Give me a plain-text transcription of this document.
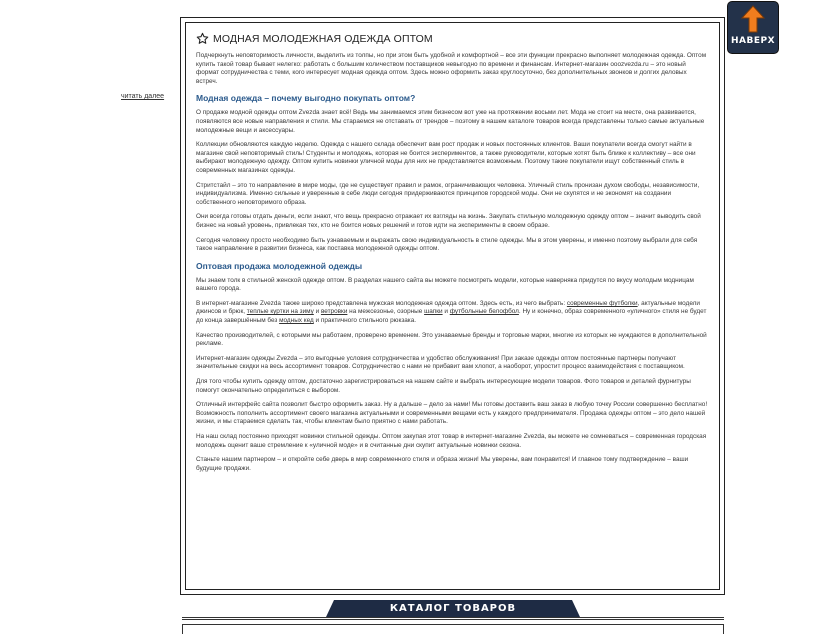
читать далее
МОДНАЯ МОЛОДЕЖНАЯ ОДЕЖДА ОПТОМ

Подчеркнуть неповторимость личности, выделить из толпы, но при этом быть удобной и комфортной – все эти функции прекрасно выполняет молодежная одежда. Оптом купить такой товар бывает нелегко: работать с большим количеством поставщиков невыгодно по времени и финансам. Интернет-магазин ooozvezda.ru – это новый формат сотрудничества с теми, кого интересует модная одежда оптом. Здесь можно оформить заказ круглосуточно, без дополнительных звонков и долгих деловых встреч.

Модная одежда – почему выгодно покупать оптом?

О продаже модной одежды оптом Zvezda знает всё! Ведь мы занимаемся этим бизнесом вот уже на протяжении восьми лет. Мода не стоит на месте, она развивается, появляются все новые направления и стили. Мы стараемся не отставать от трендов – поэтому в нашем каталоге товаров всегда представлены только самые актуальные молодежные вещи и аксессуары.

Коллекции обновляются каждую неделю. Одежда с нашего склада обеспечит вам рост продаж и новых постоянных клиентов. Ваши покупатели всегда смогут найти в магазине свой неповторимый стиль! Студенты и молодежь, которая не боится экспериментов, а также руководители, которые хотят быть ближе к коллективу – все они выбирают молодежную одежду. Оптом купить новинки уличной моды для них не представляется возможным. Поэтому такие покупатели ищут собственный стиль в современных магазинах одежды.

Стритстайл – это то направление в мире моды, где не существует правил и рамок, ограничивающих человека. Уличный стиль пронизан духом свободы, независимости, индивидуализма. Именно сильные и уверенные в себе люди сегодня придерживаются принципов городской моды. Они не скупятся и не экономят на создании собственного неповторимого образа.

Они всегда готовы отдать деньги, если знают, что вещь прекрасно отражает их взгляды на жизнь. Закупать стильную молодежную одежду оптом – значит выводить свой бизнес на новый уровень, привлекая тех, кто не боится новых решений и готов идти на эксперименты в своем образе.

Сегодня человеку просто необходимо быть узнаваемым и выражать свою индивидуальность в стиле одежды. Мы в этом уверены, и именно поэтому выбрали для себя такое направление в развитии бизнеса, как поставка молодежной одежды оптом.

Оптовая продажа молодежной одежды

Мы знаем толк в стильной женской одежде оптом. В разделах нашего сайта вы можете посмотреть модели, которые наверняка придутся по вкусу молодым модницам вашего города.

В интернет-магазине Zvezda также широко представлена мужская молодежная одежда оптом. Здесь есть, из чего выбрать: современные футболки, актуальные модели джинсов и брюк, теплые куртки на зиму и ветровки на межсезонье, озорные шапки и футбольные белофбол. Ну и конечно, образ современного «уличного» стиля не будет до конца завершённым без модных кед и практичного стильного рюкзака.

Качество производителей, с которыми мы работаем, проверено временем. Это узнаваемые бренды и торговые марки, многие из которых не нуждаются в дополнительной рекламе.

Интернет-магазин одежды Zvezda – это выгодные условия сотрудничества и удобство обслуживания! При заказе одежды оптом постоянные партнеры получают значительные скидки на весь ассортимент товаров. Сотрудничество с нами не прибавит вам хлопот, а наоборот, упростит процесс взаимодействия с поставщиком.

Для того чтобы купить одежду оптом, достаточно зарегистрироваться на нашем сайте и выбрать интересующие модели товаров. Фото товаров и деталей фурнитуры помогут окончательно определиться с выбором.

Отличный интерфейс сайта позволит быстро оформить заказ. Ну а дальше – дело за нами! Мы готовы доставить ваш заказ в любую точку России совершенно бесплатно! Возможность пополнить ассортимент своего магазина актуальными и современными вещами есть у каждого предпринимателя. Продажа одежды оптом – это дело нашей жизни, и мы стараемся сделать так, чтобы клиентам было приятно с нами работать.

На наш склад постоянно приходят новинки стильной одежды. Оптом закупая этот товар в интернет-магазине Zvezda, вы можете не сомневаться – современная городская молодежь оценит ваше стремление к «уличной моде» и в считанные дни скупит актуальные новинки сезона.

Станьте нашим партнером – и откройте себе дверь в мир современного стиля и образа жизни! Мы уверены, вам понравится! И главное тому подтверждение – ваши будущие продажи.

НАВЕРХ
КАТАЛОГ ТОВАРОВ
